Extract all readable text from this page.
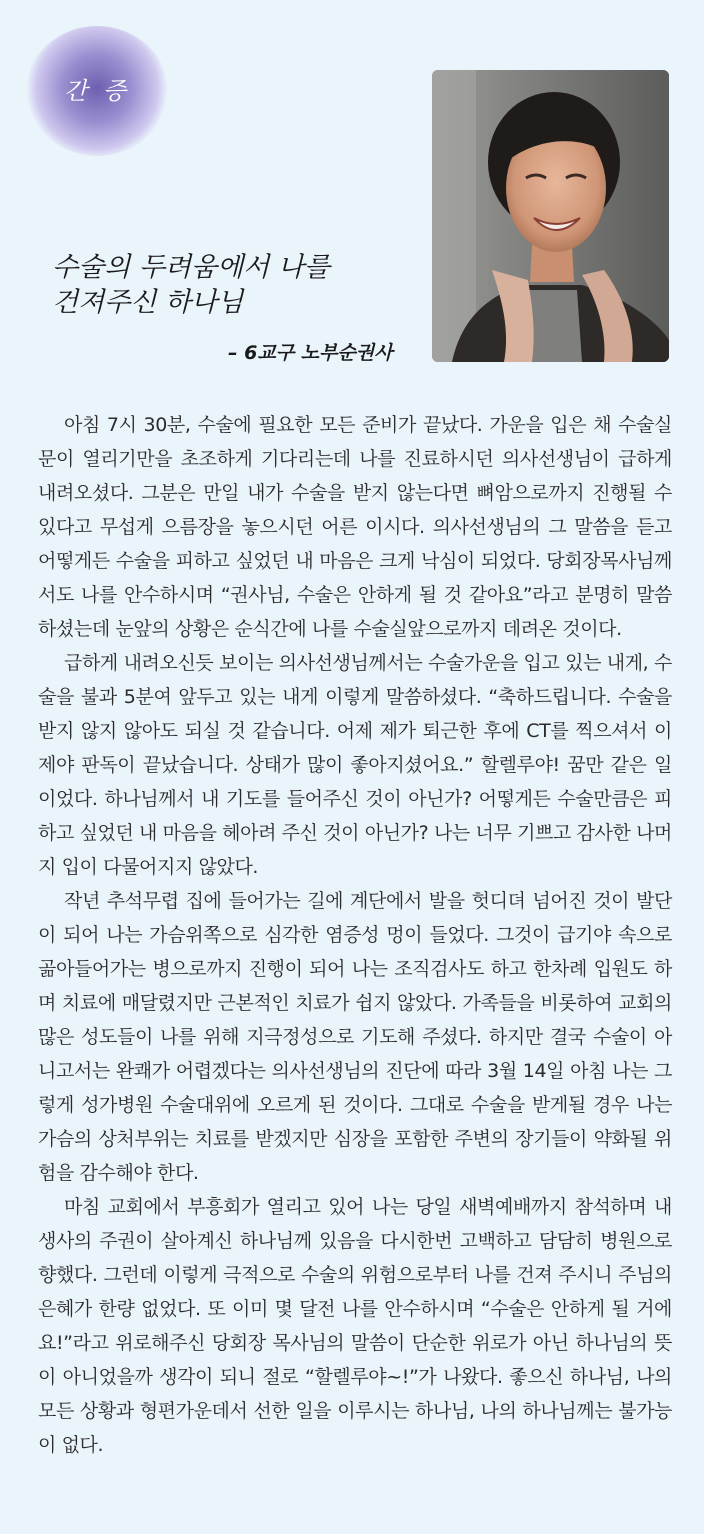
간 증
수술의 두려움에서 나를
건져주신 하나님
– 6교구 노부순권사

아침 7시 30분, 수술에 필요한 모든 준비가 끝났다. 가운을 입은 채 수술실문이 열리기만을 초조하게 기다리는데 나를 진료하시던 의사선생님이 급하게 내려오셨다. 그분은 만일 내가 수술을 받지 않는다면 뼈암으로까지 진행될 수 있다고 무섭게 으름장을 놓으시던 어른 이시다. 의사선생님의 그 말씀을 듣고 어떻게든 수술을 피하고 싶었던 내 마음은 크게 낙심이 되었다. 당회장목사님께서도 나를 안수하시며 “권사님, 수술은 안하게 될 것 같아요”라고 분명히 말씀하셨는데 눈앞의 상황은 순식간에 나를 수술실앞으로까지 데려온 것이다.

급하게 내려오신듯 보이는 의사선생님께서는 수술가운을 입고 있는 내게, 수술을 불과 5분여 앞두고 있는 내게 이렇게 말씀하셨다. “축하드립니다. 수술을 받지 않지 않아도 되실 것 같습니다. 어제 제가 퇴근한 후에 CT를 찍으셔서 이제야 판독이 끝났습니다. 상태가 많이 좋아지셨어요.” 할렐루야! 꿈만 같은 일이었다. 하나님께서 내 기도를 들어주신 것이 아닌가? 어떻게든 수술만큼은 피하고 싶었던 내 마음을 헤아려 주신 것이 아닌가? 나는 너무 기쁘고 감사한 나머지 입이 다물어지지 않았다.

작년 추석무렵 집에 들어가는 길에 계단에서 발을 헛디뎌 넘어진 것이 발단이 되어 나는 가슴위쪽으로 심각한 염증성 멍이 들었다. 그것이 급기야 속으로 곪아들어가는 병으로까지 진행이 되어 나는 조직검사도 하고 한차례 입원도 하며 치료에 매달렸지만 근본적인 치료가 쉽지 않았다. 가족들을 비롯하여 교회의 많은 성도들이 나를 위해 지극정성으로 기도해 주셨다. 하지만 결국 수술이 아니고서는 완쾌가 어렵겠다는 의사선생님의 진단에 따라 3월 14일 아침 나는 그렇게 성가병원 수술대위에 오르게 된 것이다. 그대로 수술을 받게될 경우 나는 가슴의 상처부위는 치료를 받겠지만 심장을 포함한 주변의 장기들이 약화될 위험을 감수해야 한다.

마침 교회에서 부흥회가 열리고 있어 나는 당일 새벽예배까지 참석하며 내 생사의 주권이 살아계신 하나님께 있음을 다시한번 고백하고 담담히 병원으로 향했다. 그런데 이렇게 극적으로 수술의 위험으로부터 나를 건져 주시니 주님의 은혜가 한량 없었다. 또 이미 몇 달전 나를 안수하시며 “수술은 안하게 될 거에요!”라고 위로해주신 당회장 목사님의 말씀이 단순한 위로가 아닌 하나님의 뜻이 아니었을까 생각이 되니 절로 “할렐루야~!”가 나왔다. 좋으신 하나님, 나의 모든 상황과 형편가운데서 선한 일을 이루시는 하나님, 나의 하나님께는 불가능이 없다.
